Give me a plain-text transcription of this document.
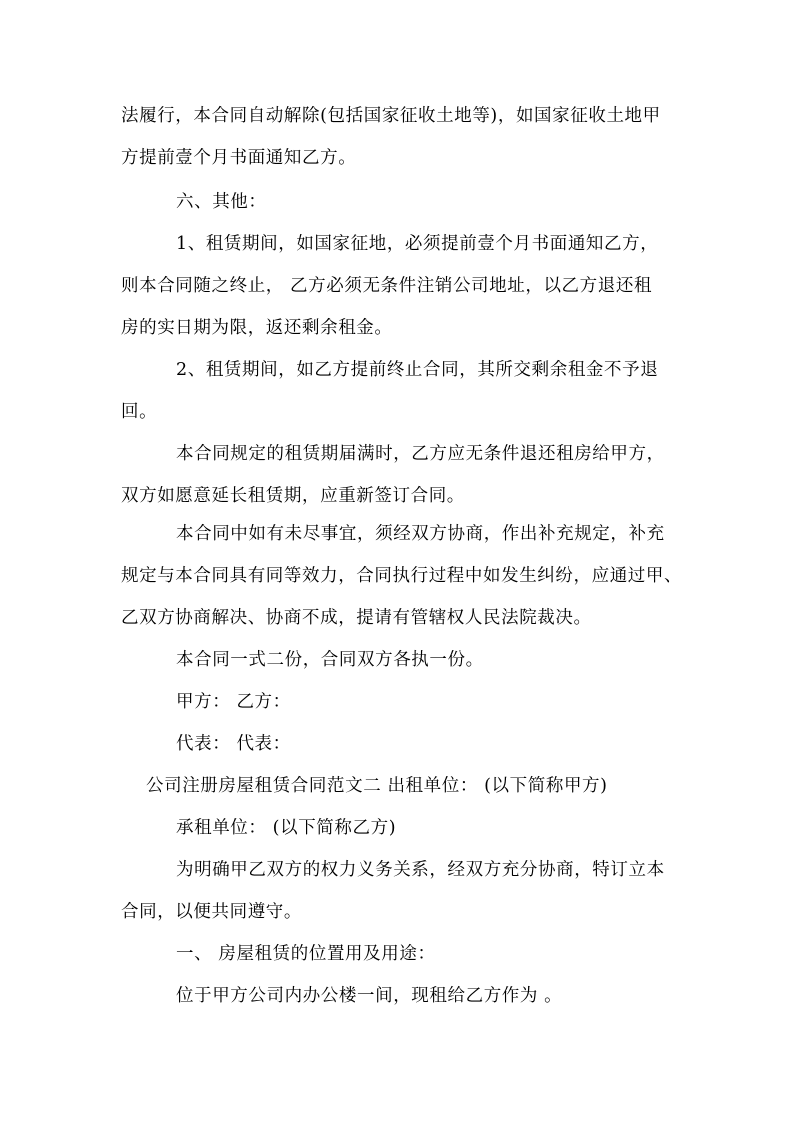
法履行，本合同自动解除(包括国家征收土地等)，如国家征收土地甲
方提前壹个月书面通知乙方。
六、其他：
1、租赁期间，如国家征地，必须提前壹个月书面通知乙方，
则本合同随之终止， 乙方必须无条件注销公司地址，以乙方退还租
房的实日期为限，返还剩余租金。
2、租赁期间，如乙方提前终止合同，其所交剩余租金不予退
回。
本合同规定的租赁期届满时，乙方应无条件退还租房给甲方，
双方如愿意延长租赁期，应重新签订合同。
本合同中如有未尽事宜，须经双方协商，作出补充规定，补充
规定与本合同具有同等效力，合同执行过程中如发生纠纷，应通过甲、
乙双方协商解决、协商不成，提请有管辖权人民法院裁决。
本合同一式二份，合同双方各执一份。
甲方： 乙方：
代表： 代表：
公司注册房屋租赁合同范文二 出租单位： (以下简称甲方)
承租单位： (以下简称乙方)
为明确甲乙双方的权力义务关系，经双方充分协商，特订立本
合同，以便共同遵守。
一、 房屋租赁的位置用及用途：
位于甲方公司内办公楼一间，现租给乙方作为 。
